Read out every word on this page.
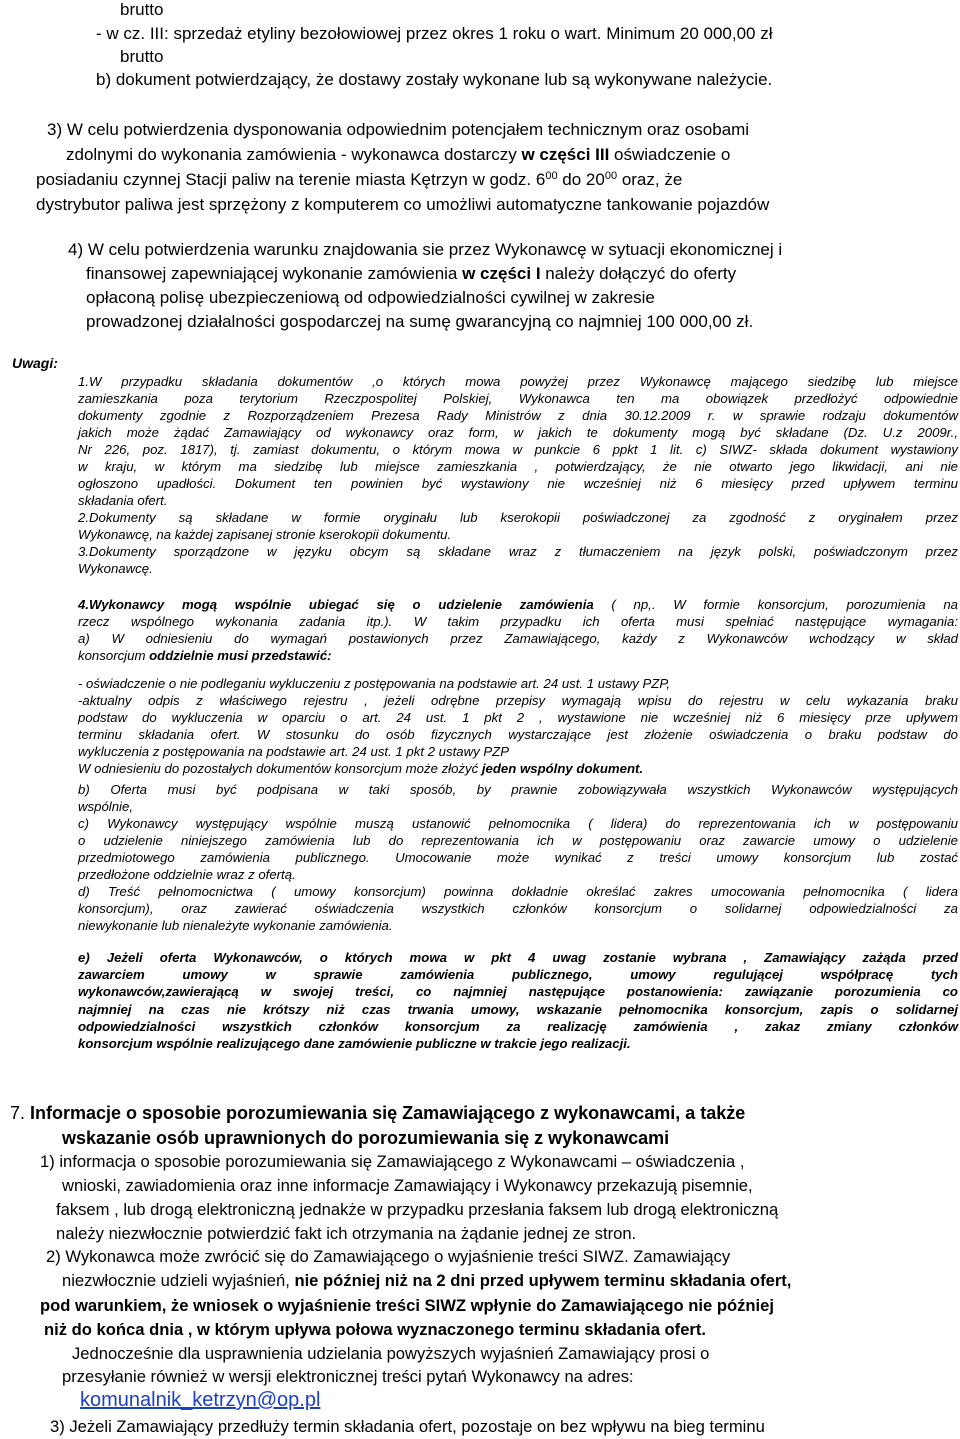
brutto
- w cz. III: sprzedaż etyliny bezołowiowej przez okres 1 roku o wart. Minimum 20 000,00 zł
brutto
b) dokument potwierdzający, że dostawy zostały wykonane lub są wykonywane należycie.
3) W celu potwierdzenia dysponowania odpowiednim potencjałem technicznym oraz osobami
zdolnymi do wykonania zamówienia - wykonawca dostarczy w części III oświadczenie o
posiadaniu czynnej Stacji paliw na terenie miasta Kętrzyn w godz. $6^{00}$ do $20^{00}$ oraz, że
dystrybutor paliwa jest sprzężony z komputerem co umożliwi automatyczne tankowanie pojazdów
4) W celu potwierdzenia warunku znajdowania sie przez Wykonawcę w sytuacji ekonomicznej i
finansowej zapewniającej wykonanie zamówienia w części I należy dołączyć do oferty
opłaconą polisę ubezpieczeniową od odpowiedzialności cywilnej w zakresie
prowadzonej działalności gospodarczej na sumę gwarancyjną co najmniej 100 000,00 zł.
Uwagi:
1.W przypadku składania dokumentów ,o których mowa powyżej przez Wykonawcę mającego siedzibę lub miejsce
zamieszkania poza terytorium Rzeczpospolitej Polskiej, Wykonawca ten ma obowiązek przedłożyć odpowiednie
dokumenty zgodnie z Rozporządzeniem Prezesa Rady Ministrów z dnia 30.12.2009 r. w sprawie rodzaju dokumentów
jakich może żądać Zamawiający od wykonawcy oraz form, w jakich te dokumenty mogą być składane (Dz. U.z 2009r.,
Nr 226, poz. 1817), tj. zamiast dokumentu, o którym mowa w punkcie 6 ppkt 1 lit. c) SIWZ- składa dokument wystawiony
w kraju, w którym ma siedzibę lub miejsce zamieszkania , potwierdzający, że nie otwarto jego likwidacji, ani nie
ogłoszono upadłości. Dokument ten powinien być wystawiony nie wcześniej niż 6 miesięcy przed upływem terminu
składania ofert.
2.Dokumenty są składane w formie oryginału lub kserokopii poświadczonej za zgodność z oryginałem przez
Wykonawcę, na każdej zapisanej stronie kserokopii dokumentu.
3.Dokumenty sporządzone w języku obcym są składane wraz z tłumaczeniem na język polski, poświadczonym przez
Wykonawcę.
4.Wykonawcy mogą wspólnie ubiegać się o udzielenie zamówienia ( np,. W formie konsorcjum, porozumienia na
rzecz wspólnego wykonania zadania itp.). W takim przypadku ich oferta musi spełniać następujące wymagania:
a) W odniesieniu do wymagań postawionych przez Zamawiającego, każdy z Wykonawców wchodzący w skład
konsorcjum oddzielnie musi przedstawić:
- oświadczenie o nie podleganiu wykluczeniu z postępowania na podstawie art. 24 ust. 1 ustawy PZP,
-aktualny odpis z właściwego rejestru , jeżeli odrębne przepisy wymagają wpisu do rejestru w celu wykazania braku
podstaw do wykluczenia w oparciu o art. 24 ust. 1 pkt 2 , wystawione nie wcześniej niż 6 miesięcy prze upływem
terminu składania ofert. W stosunku do osób fizycznych wystarczające jest złożenie oświadczenia o braku podstaw do
wykluczenia z postępowania na podstawie art. 24 ust. 1 pkt 2 ustawy PZP
W odniesieniu do pozostałych dokumentów konsorcjum może złożyć jeden wspólny dokument.
b) Oferta musi być podpisana w taki sposób, by prawnie zobowiązywała wszystkich Wykonawców występujących
wspólnie,
c) Wykonawcy występujący wspólnie muszą ustanowić pełnomocnika ( lidera) do reprezentowania ich w postępowaniu
o udzielenie niniejszego zamówienia lub do reprezentowania ich w postępowaniu oraz zawarcie umowy o udzielenie
przedmiotowego zamówienia publicznego. Umocowanie może wynikać z treści umowy konsorcjum lub zostać
przedłożone oddzielnie wraz z ofertą.
d) Treść pełnomocnictwa ( umowy konsorcjum) powinna dokładnie określać zakres umocowania pełnomocnika ( lidera
konsorcjum), oraz zawierać oświadczenia wszystkich członków konsorcjum o solidarnej odpowiedzialności za
niewykonanie lub nienależyte wykonanie zamówienia.
e) Jeżeli oferta Wykonawców, o których mowa w pkt 4 uwag zostanie wybrana , Zamawiający zażąda przed
zawarciem umowy w sprawie zamówienia publicznego, umowy regulującej współpracę tych
wykonawców,zawierającą w swojej treści, co najmniej następujące postanowienia: zawiązanie porozumienia co
najmniej na czas nie krótszy niż czas trwania umowy, wskazanie pełnomocnika konsorcjum, zapis o solidarnej
odpowiedzialności wszystkich członków konsorcjum za realizację zamówienia , zakaz zmiany członków
konsorcjum wspólnie realizującego dane zamówienie publiczne w trakcie jego realizacji.
7. Informacje o sposobie porozumiewania się Zamawiającego z wykonawcami, a także
wskazanie osób uprawnionych do porozumiewania się z wykonawcami
1) informacja o sposobie porozumiewania się Zamawiającego z Wykonawcami – oświadczenia ,
wnioski, zawiadomienia oraz inne informacje Zamawiający i Wykonawcy przekazują pisemnie,
faksem , lub drogą elektroniczną jednakże w przypadku przesłania faksem lub drogą elektroniczną
należy niezwłocznie potwierdzić fakt ich otrzymania na żądanie jednej ze stron.
2) Wykonawca może zwrócić się do Zamawiającego o wyjaśnienie treści SIWZ. Zamawiający
niezwłocznie udzieli wyjaśnień, nie później niż na 2 dni przed upływem terminu składania ofert,
pod warunkiem, że wniosek o wyjaśnienie treści SIWZ wpłynie do Zamawiającego nie później
niż do końca dnia , w którym upływa połowa wyznaczonego terminu składania ofert.
Jednocześnie dla usprawnienia udzielania powyższych wyjaśnień Zamawiający prosi o
przesyłanie również w wersji elektronicznej treści pytań Wykonawcy na adres:
komunalnik_ketrzyn@op.pl
3) Jeżeli Zamawiający przedłuży termin składania ofert, pozostaje on bez wpływu na bieg terminu
